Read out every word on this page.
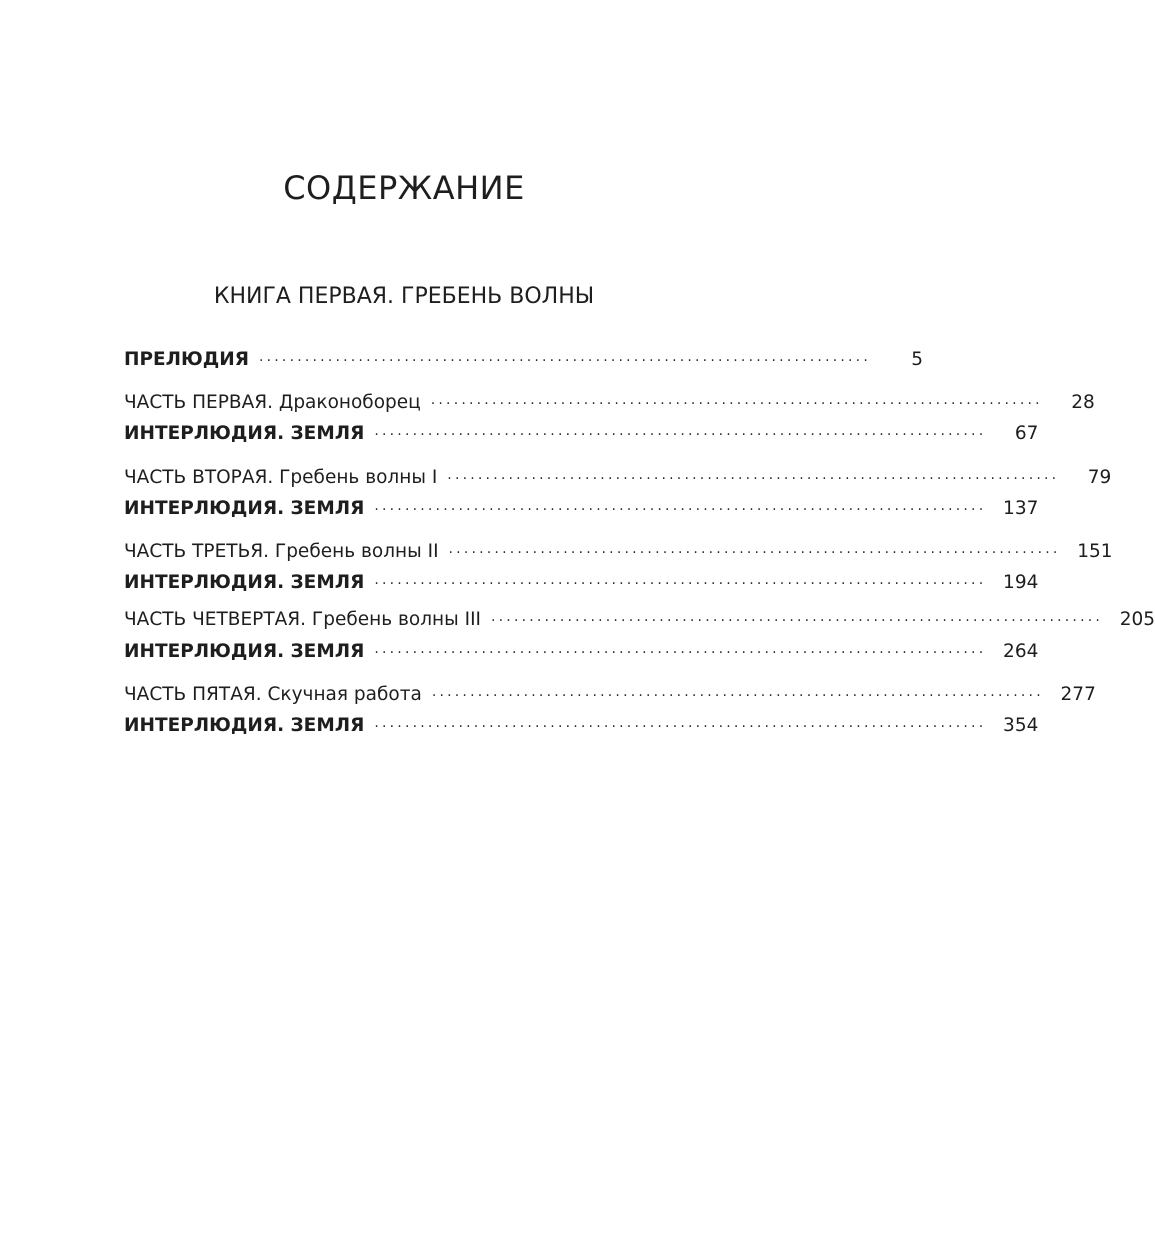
СОДЕРЖАНИЕ
КНИГА ПЕРВАЯ. ГРЕБЕНЬ ВОЛНЫ
ПРЕЛЮДИЯ ················································································	5
ЧАСТЬ ПЕРВАЯ. Драконоборец ················································································	28
ИНТЕРЛЮДИЯ. ЗЕМЛЯ ················································································	67
ЧАСТЬ ВТОРАЯ. Гребень волны I ················································································	79
ИНТЕРЛЮДИЯ. ЗЕМЛЯ ················································································ 137
ЧАСТЬ ТРЕТЬЯ. Гребень волны II ················································································ 151
ИНТЕРЛЮДИЯ. ЗЕМЛЯ ················································································ 194
ЧАСТЬ ЧЕТВЕРТАЯ. Гребень волны III ················································································ 205
ИНТЕРЛЮДИЯ. ЗЕМЛЯ ················································································ 264
ЧАСТЬ ПЯТАЯ. Скучная работа ················································································ 277
ИНТЕРЛЮДИЯ. ЗЕМЛЯ ················································································ 354
